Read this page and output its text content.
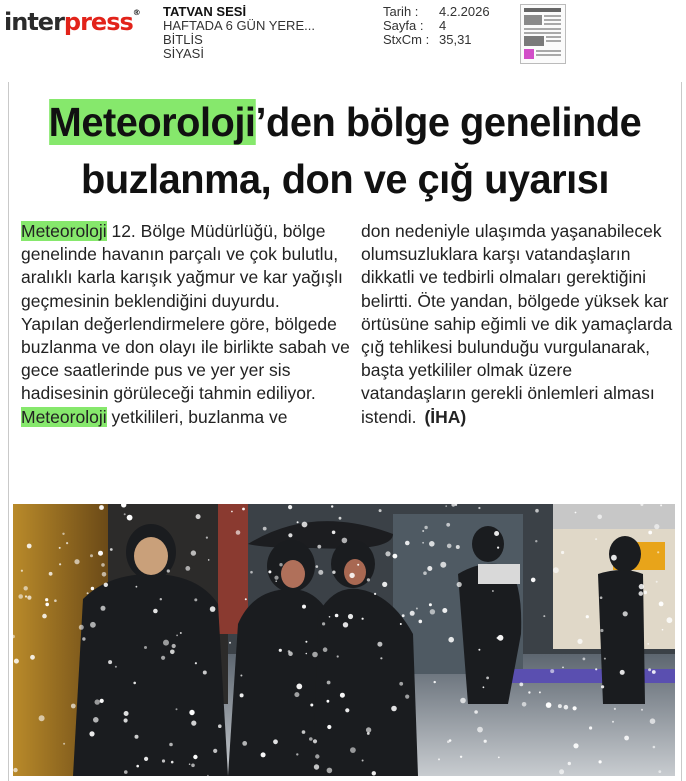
interpress® TATVAN SESİ
HAFTADA 6 GÜN YERE...
BİTLİS
SİYASİ
Tarih :	4.2.2026
Sayfa :	4
StxCm : 35,31
Meteoroloji’den bölge genelinde
buzlanma, don ve çığ uyarısı

Meteoroloji 12. Bölge Müdürlüğü, bölge genelinde havanın parçalı ve çok bulutlu, aralıklı karla karışık yağmur ve kar yağışlı geçmesinin beklendiğini duyurdu.

Yapılan değerlendirmelere göre, bölgede buzlanma ve don olayı ile birlikte sabah ve gece saatlerinde pus ve yer yer sis hadisesinin görüleceği tahmin ediliyor.

Meteoroloji yetkilileri, buzlanma ve

don nedeniyle ulaşımda yaşanabilecek olumsuzluklara karşı vatandaşların dikkatli ve tedbirli olmaları gerektiğini belirtti. Öte yandan, bölgede yüksek kar örtüsüne sahip eğimli ve dik yamaçlarda çığ tehlikesi bulunduğu vurgulanarak, başta yetkililer olmak üzere vatandaşların gerekli önlemleri alması istendi. (İHA)
